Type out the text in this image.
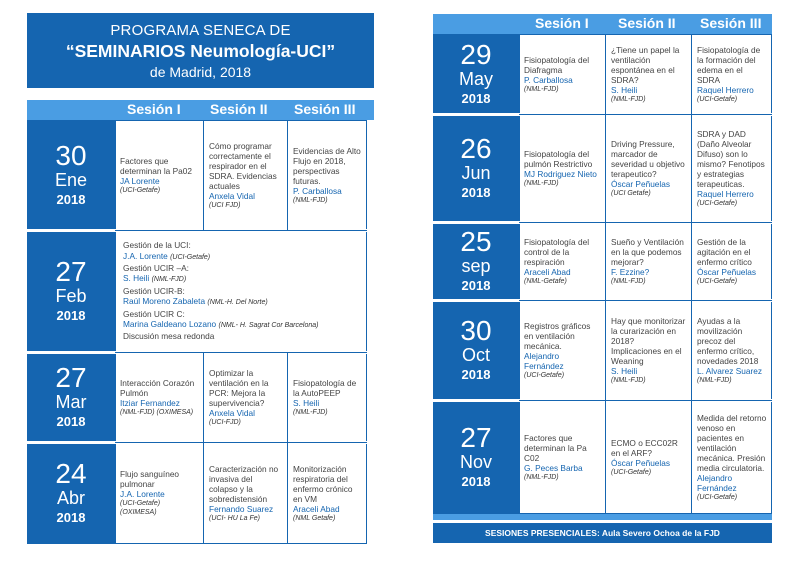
PROGRAMA SENECA DE
“SEMINARIOS Neumología-UCI”
de Madrid, 2018
Sesión I Sesión II Sesión III
30
Ene
2018
Factores que determinan la Pa02
JA Lorente
(UCI-Getafe)
Cómo programar correctamente el respirador en el SDRA. Evidencias actuales
Anxela Vidal
(UCI FJD)
Evidencias de Alto Flujo en 2018, perspectivas futuras.
P. Carballosa
(NML-FJD)
27
Feb
2018
Gestión de la UCI:
J.A. Lorente (UCI-Getafe)
Gestión UCIR –A:
S. Heili (NML-FJD)
Gestión UCIR-B:
Raúl Moreno Zabaleta (NML-H. Del Norte)
Gestión UCIR C:
Marina Galdeano Lozano (NML- H. Sagrat Cor Barcelona)
Discusión mesa redonda
27
Mar
2018
Interacción Corazón Pulmón
Itziar Fernandez
(NML-FJD) (OXIMESA)
Optimizar la ventilación en la PCR: Mejora la supervivencia?
Anxela Vidal
(UCI-FJD)
Fisiopatología de la AutoPEEP
S. Heili
(NML-FJD)
24
Abr
2018
Flujo sanguíneo pulmonar
J.A. Lorente
(UCI-Getafe) (OXIMESA)
Caracterización no invasiva del colapso y la sobredistensión
Fernando Suarez
(UCI- HU La Fe)
Monitorización respiratoria del enfermo crónico en VM
Araceli Abad
(NML Getafe)
Sesión I Sesión II Sesión III
29
May
2018
Fisiopatología del Diafragma
P. Carballosa
(NML-FJD)
¿Tiene un papel la ventilación espontánea en el SDRA?
S. Heili
(NML-FJD)
Fisiopatología de la formación del edema en el SDRA
Raquel Herrero
(UCI-Getafe)
26
Jun
2018
Fisiopatología del pulmón Restrictivo
MJ Rodriguez Nieto
(NML-FJD)
Driving Pressure, marcador de severidad u objetivo terapeutico?
Óscar Peñuelas
(UCI Getafe)
SDRA y DAD (Daño Alveolar Difuso) son lo mismo? Fenotipos y estrategias terapeuticas.
Raquel Herrero
(UCI-Getafe)
25
sep
2018
Fisiopatología del control de la respiración
Araceli Abad
(NML-Getafe)
Sueño y Ventilación en la que podemos mejorar?
F. Ezzine?
(NML-FJD)
Gestión de la agitación en el enfermo crítico
Óscar Peñuelas
(UCI-Getafe)
30
Oct
2018
Registros gráficos en ventilación mecánica.
Alejandro Fernández
(UCI-Getafe)
Hay que monitorizar la curarización en 2018? Implicaciones en el Weaning
S. Heili
(NML-FJD)
Ayudas a la movilización precoz del enfermo crítico, novedades 2018
L. Alvarez Suarez
(NML-FJD)
27
Nov
2018
Factores que determinan la Pa C02
G. Peces Barba
(NML-FJD)
ECMO o ECC02R en el ARF?
Óscar Peñuelas
(UCI-Getafe)
Medida del retorno venoso en pacientes en ventilación mecánica. Presión media circulatoria.
Alejandro Fernández
(UCI-Getafe)
SESIONES PRESENCIALES: Aula Severo Ochoa de la FJD
